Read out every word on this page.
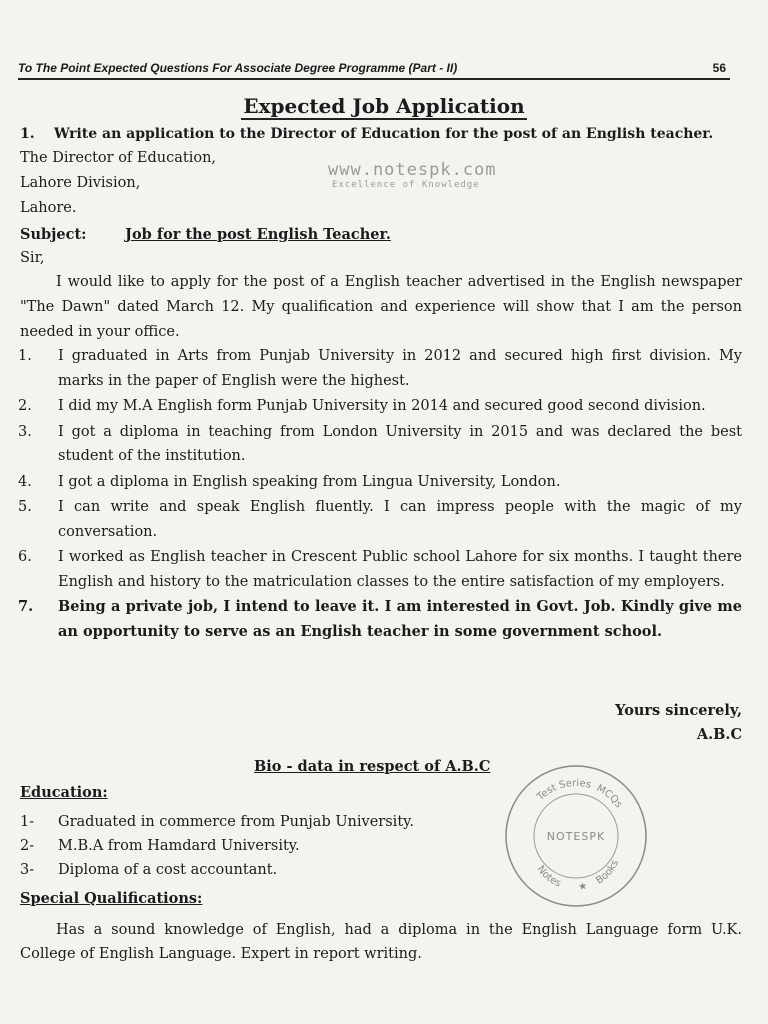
To The Point Expected Questions For Associate Degree Programme (Part - II)	56
Expected Job Application
1. Write an application to the Director of Education for the post of an English teacher.
The Director of Education,
Lahore Division,
Lahore.
www.notespk.com
Excellence of Knowledge
Subject:	Job for the post English Teacher.
Sir,
I would like to apply for the post of a English teacher advertised in the English newspaper "The Dawn" dated March 12. My qualification and experience will show that I am the person needed in your office.
1. I graduated in Arts from Punjab University in 2012 and secured high first division. My marks in the paper of English were the highest.
2. I did my M.A English form Punjab University in 2014 and secured good second division.
3. I got a diploma in teaching from London University in 2015 and was declared the best student of the institution.
4. I got a diploma in English speaking from Lingua University, London.
5. I can write and speak English fluently. I can impress people with the magic of my conversation.
6. I worked as English teacher in Crescent Public school Lahore for six months. I taught there English and history to the matriculation classes to the entire satisfaction of my employers.
7. Being a private job, I intend to leave it. I am interested in Govt. Job. Kindly give me an opportunity to serve as an English teacher in some government school.
Yours sincerely,
A.B.C
Bio - data in respect of A.B.C
Education:
1- Graduated in commerce from Punjab University.
2- M.B.A from Hamdard University.
3- Diploma of a cost accountant.
Special Qualifications:
Has a sound knowledge of English, had a diploma in the English Language form U.K. College of English Language. Expert in report writing.
Test Series MCQs
Notes ★Books
NOTESPK
